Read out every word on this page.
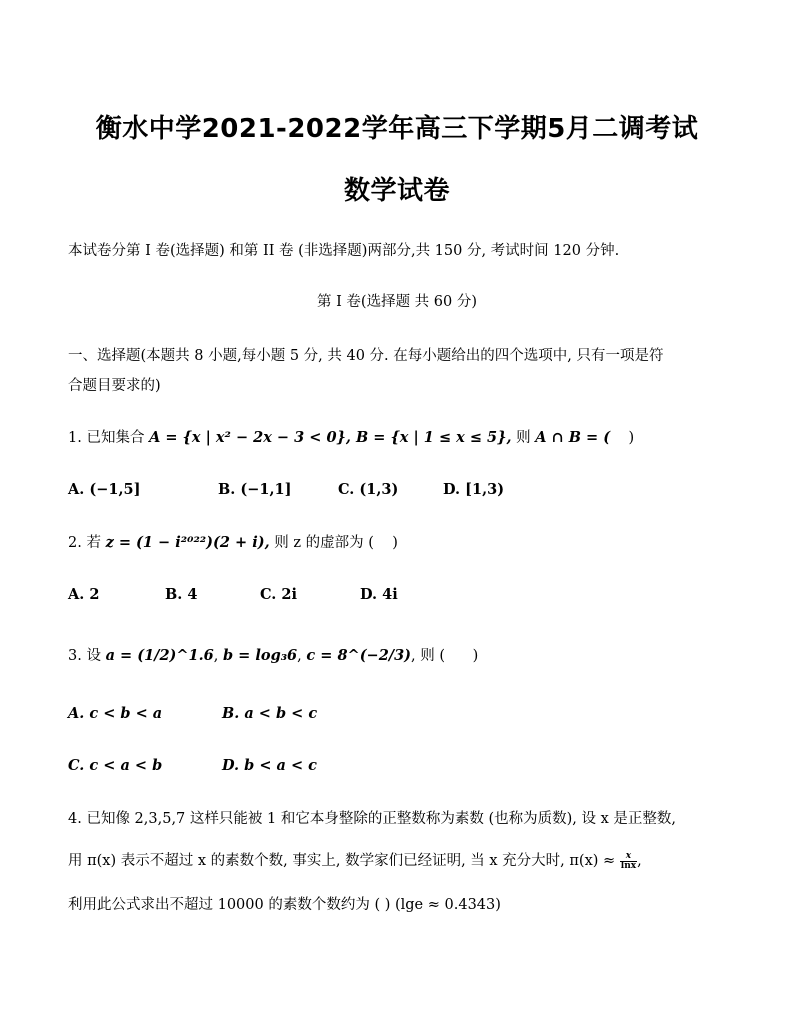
衡水中学2021-2022学年高三下学期5月二调考试
数学试卷
本试卷分第 I 卷(选择题) 和第 II 卷 (非选择题)两部分,共 150 分, 考试时间 120 分钟.
第 I 卷(选择题 共 60 分)
一、选择题(本题共 8 小题,每小题 5 分, 共 40 分. 在每小题给出的四个选项中, 只有一项是符
合题目要求的)
1. 已知集合 A = {x | x² − 2x − 3 < 0}, B = {x | 1 ≤ x ≤ 5}, 则 A ∩ B = (    )
A. (−1,5]	B. (−1,1]	C. (1,3)	D. [1,3)
2. 若 z = (1 − i²⁰²²)(2 + i), 则 z 的虚部为 (    )
A. 2	B. 4	C. 2i	D. 4i
3. 设 a = (1/2)^1.6, b = log₃6, c = 8^(−2/3), 则 (      )
A. c < b < a	B. a < b < c
C. c < a < b	D. b < a < c
4. 已知像 2,3,5,7 这样只能被 1 和它本身整除的正整数称为素数 (也称为质数), 设 x 是正整数,
用 π(x) 表示不超过 x 的素数个数, 事实上, 数学家们已经证明, 当 x 充分大时, $\pi(x) \approx \frac{x}{\ln x}$ ,
利用此公式求出不超过 10000 的素数个数约为 ( ) (lge ≈ 0.4343)
